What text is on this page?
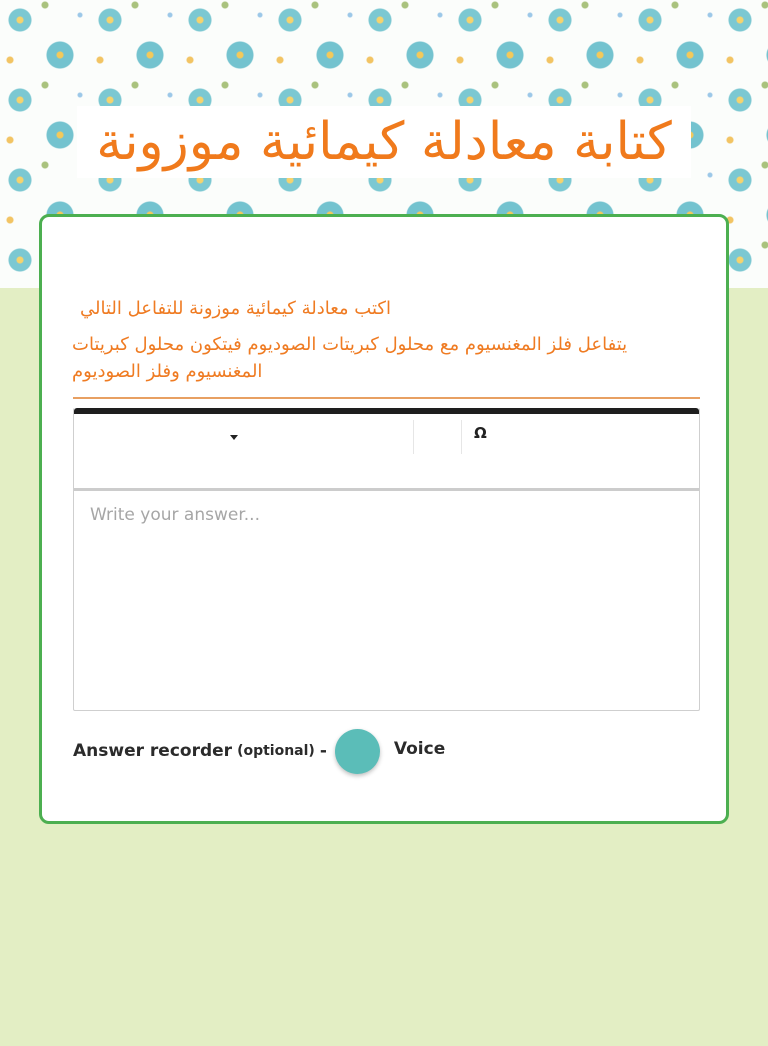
كتابة معادلة كيمائية موزونة
اكتب معادلة كيمائية موزونة للتفاعل التالي
يتفاعل فلز المغنسيوم مع محلول كبريتات الصوديوم فيتكون محلول كبريتات المغنسيوم وفلز الصوديوم
Ω
Write your answer...
Answer recorder (optional) -	Voice
